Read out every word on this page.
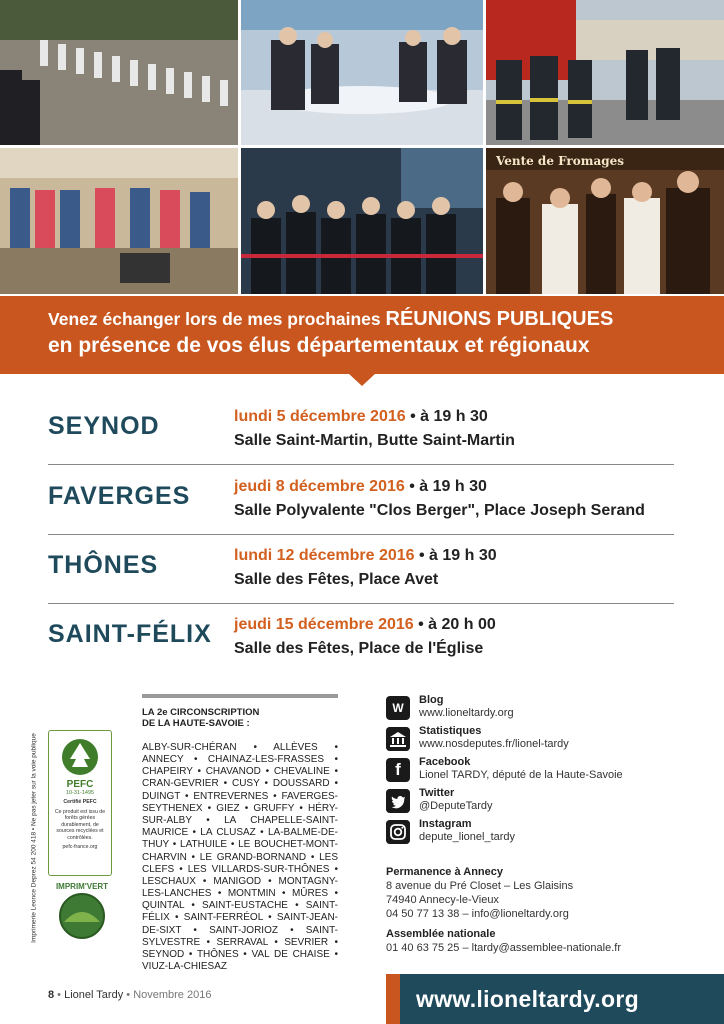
Vente de Fromages
Venez échanger lors de mes prochaines RÉUNIONS PUBLIQUES
en présence de vos élus départementaux et régionaux
SEYNOD	lundi 5 décembre 2016 • à 19 h 30
Salle Saint-Martin, Butte Saint-Martin
FAVERGES	jeudi 8 décembre 2016 • à 19 h 30
Salle Polyvalente "Clos Berger", Place Joseph Serand
THÔNES	lundi 12 décembre 2016 • à 19 h 30
Salle des Fêtes, Place Avet
SAINT-FÉLIX jeudi 15 décembre 2016 • à 20 h 00
Salle des Fêtes, Place de l'Église
Imprimerie Leonce Deprez 54 200 418 • Ne pas jeter sur la voie publique	PEFC
10-31-1495
Certifié PEFC
Ce produit est issu de forêts gérées durablement, de sources recyclées et contrôlées.
pefc-france.org
IMPRIM'VERT
LA 2e CIRCONSCRIPTION
DE LA HAUTE-SAVOIE :
ALBY-SUR-CHÉRAN • ALLÈVES • ANNECY • CHAINAZ-LES-FRASSES • CHAPEIRY • CHAVANOD • CHEVALINE • CRAN-GEVRIER • CUSY • DOUSSARD • DUINGT • ENTREVERNES • FAVERGES-SEYTHENEX • GIEZ • GRUFFY • HÉRY-SUR-ALBY • LA CHAPELLE-SAINT-MAURICE • LA CLUSAZ • LA-BALME-DE-THUY • LATHUILE • LE BOUCHET-MONT-CHARVIN • LE GRAND-BORNAND • LES CLEFS • LES VILLARDS-SUR-THÔNES • LESCHAUX • MANIGOD • MONTAGNY-LES-LANCHES • MONTMIN • MÛRES • QUINTAL • SAINT-EUSTACHE • SAINT-FÉLIX • SAINT-FERRÉOL • SAINT-JEAN-DE-SIXT • SAINT-JORIOZ • SAINT-SYLVESTRE • SERRAVAL • SEVRIER • SEYNOD • THÔNES • VAL DE CHAISE • VIUZ-LA-CHIESAZ
W
Blog
www.lioneltardy.org
Statistiques
www.nosdeputes.fr/lionel-tardy
f	Facebook
Lionel TARDY, député de la Haute-Savoie
Twitter
@DeputeTardy
Instagram
depute_lionel_tardy
Permanence à Annecy
8 avenue du Pré Closet – Les Glaisins
74940 Annecy-le-Vieux
04 50 77 13 38 – info@lioneltardy.org
Assemblée nationale
01 40 63 75 25 – ltardy@assemblee-nationale.fr
8 • Lionel Tardy • Novembre 2016	www.lioneltardy.org
